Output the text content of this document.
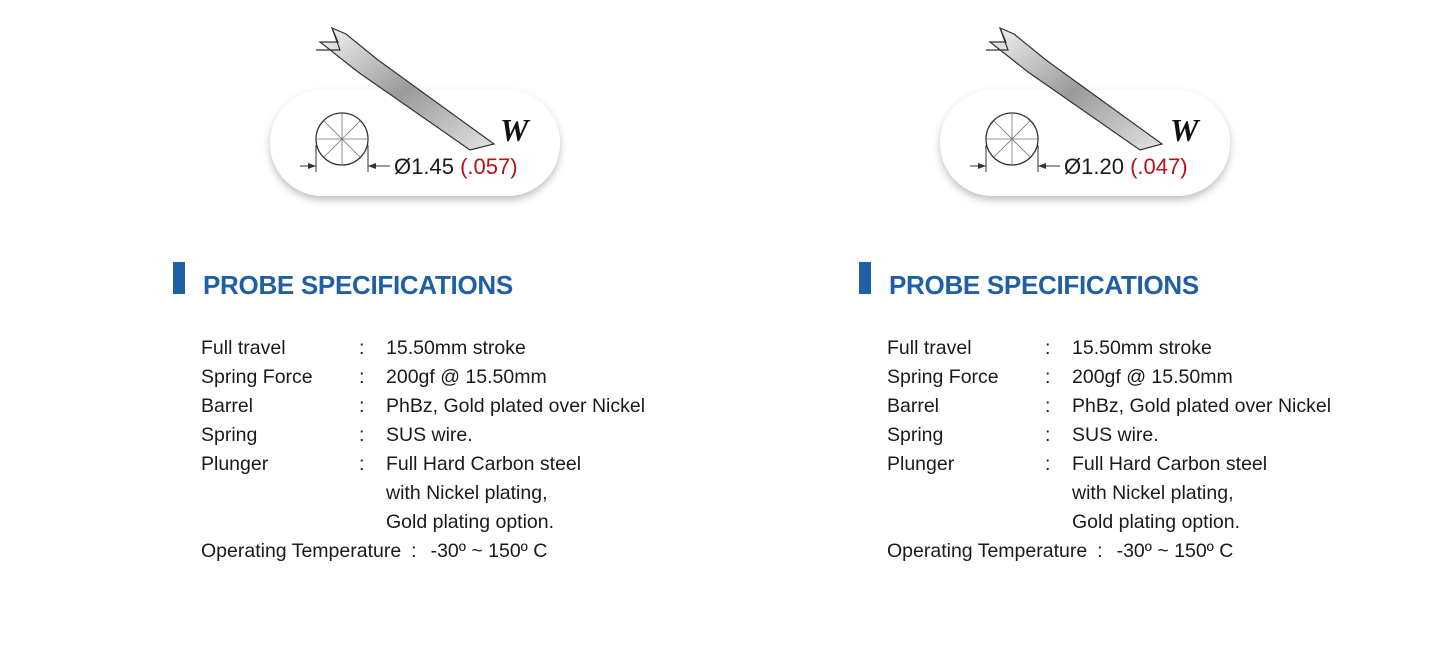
W
Ø1.45 (.057)
PROBE SPECIFICATIONS
Full travel	: 15.50mm stroke
Spring Force : 200gf @ 15.50mm
Barrel	: PhBz, Gold plated over Nickel
Spring	: SUS wire.
Plunger	: Full Hard Carbon steel
with Nickel plating,
Gold plating option.
Operating Temperature : -30º ~ 150º C
W
Ø1.20 (.047)
PROBE SPECIFICATIONS
Full travel	: 15.50mm stroke
Spring Force : 200gf @ 15.50mm
Barrel	: PhBz, Gold plated over Nickel
Spring	: SUS wire.
Plunger	: Full Hard Carbon steel
with Nickel plating,
Gold plating option.
Operating Temperature : -30º ~ 150º C
